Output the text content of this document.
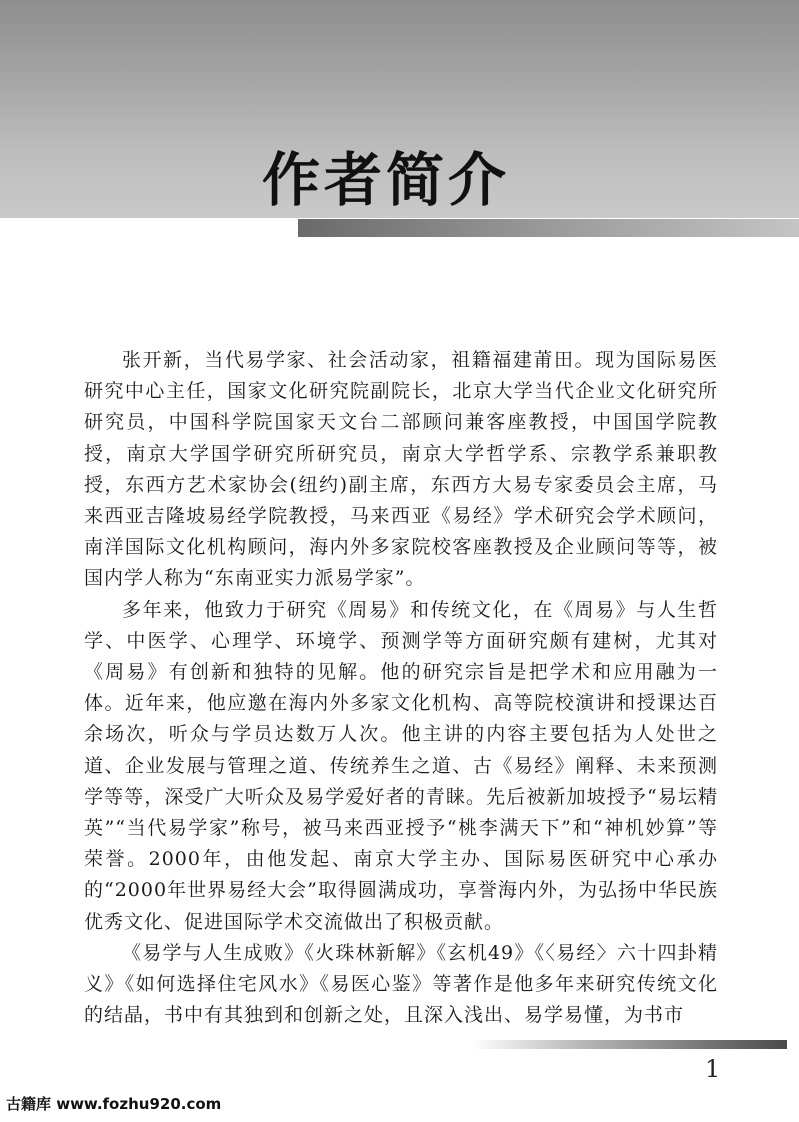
作者简介

张开新，当代易学家、社会活动家，祖籍福建莆田。现为国际易医研究中心主任，国家文化研究院副院长，北京大学当代企业文化研究所研究员，中国科学院国家天文台二部顾问兼客座教授，中国国学院教授，南京大学国学研究所研究员，南京大学哲学系、宗教学系兼职教授，东西方艺术家协会(纽约)副主席，东西方大易专家委员会主席，马来西亚吉隆坡易经学院教授，马来西亚《易经》学术研究会学术顾问，南洋国际文化机构顾问，海内外多家院校客座教授及企业顾问等等，被国内学人称为“东南亚实力派易学家”。

多年来，他致力于研究《周易》和传统文化，在《周易》与人生哲学、中医学、心理学、环境学、预测学等方面研究颇有建树，尤其对《周易》有创新和独特的见解。他的研究宗旨是把学术和应用融为一体。近年来，他应邀在海内外多家文化机构、高等院校演讲和授课达百余场次，听众与学员达数万人次。他主讲的内容主要包括为人处世之道、企业发展与管理之道、传统养生之道、古《易经》阐释、未来预测学等等，深受广大听众及易学爱好者的青睐。先后被新加坡授予“易坛精英”“当代易学家”称号，被马来西亚授予“桃李满天下”和“神机妙算”等荣誉。2000年，由他发起、南京大学主办、国际易医研究中心承办的“2000年世界易经大会”取得圆满成功，享誉海内外，为弘扬中华民族优秀文化、促进国际学术交流做出了积极贡献。

《易学与人生成败》《火珠林新解》《玄机49》《〈易经〉六十四卦精义》《如何选择住宅风水》《易医心鉴》等著作是他多年来研究传统文化的结晶，书中有其独到和创新之处，且深入浅出、易学易懂，为书市

1
古籍库 www.fozhu920.com
